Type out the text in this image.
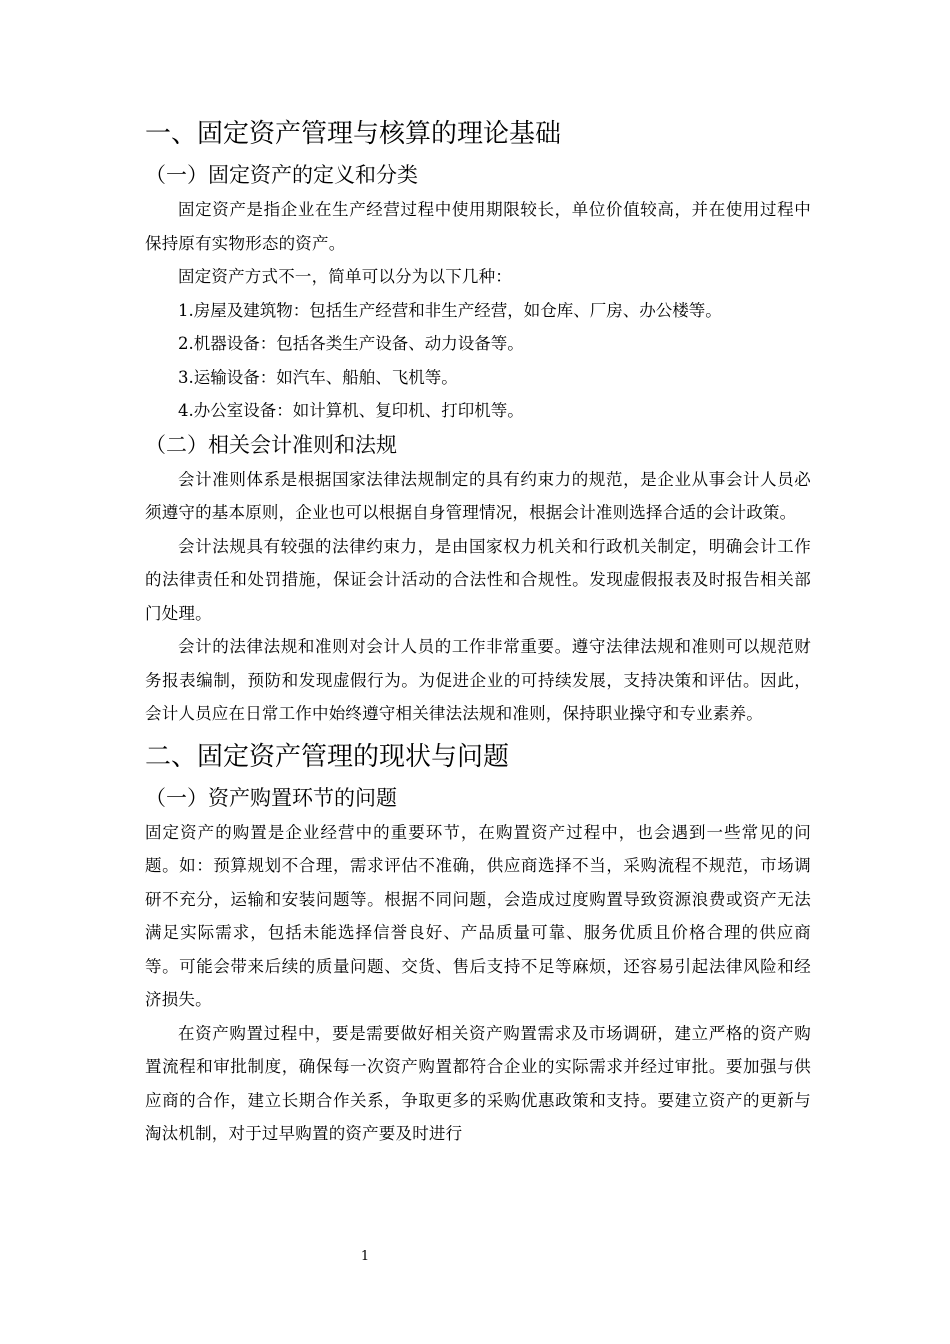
一、固定资产管理与核算的理论基础
（一）固定资产的定义和分类

固定资产是指企业在生产经营过程中使用期限较长，单位价值较高，并在使用过程中保持原有实物形态的资产。

固定资产方式不一，简单可以分为以下几种：

1.房屋及建筑物：包括生产经营和非生产经营，如仓库、厂房、办公楼等。

2.机器设备：包括各类生产设备、动力设备等。

3.运输设备：如汽车、船舶、飞机等。

4.办公室设备：如计算机、复印机、打印机等。

（二）相关会计准则和法规

会计准则体系是根据国家法律法规制定的具有约束力的规范，是企业从事会计人员必须遵守的基本原则，企业也可以根据自身管理情况，根据会计准则选择合适的会计政策。

会计法规具有较强的法律约束力，是由国家权力机关和行政机关制定，明确会计工作的法律责任和处罚措施，保证会计活动的合法性和合规性。发现虚假报表及时报告相关部门处理。

会计的法律法规和准则对会计人员的工作非常重要。遵守法律法规和准则可以规范财务报表编制，预防和发现虚假行为。为促进企业的可持续发展，支持决策和评估。因此，会计人员应在日常工作中始终遵守相关律法法规和准则，保持职业操守和专业素养。

二、固定资产管理的现状与问题
（一）资产购置环节的问题

固定资产的购置是企业经营中的重要环节，在购置资产过程中，也会遇到一些常见的问题。如：预算规划不合理，需求评估不准确，供应商选择不当，采购流程不规范，市场调研不充分，运输和安装问题等。根据不同问题，会造成过度购置导致资源浪费或资产无法满足实际需求，包括未能选择信誉良好、产品质量可靠、服务优质且价格合理的供应商等。可能会带来后续的质量问题、交货、售后支持不足等麻烦，还容易引起法律风险和经济损失。

在资产购置过程中，要是需要做好相关资产购置需求及市场调研，建立严格的资产购置流程和审批制度，确保每一次资产购置都符合企业的实际需求并经过审批。要加强与供应商的合作，建立长期合作关系，争取更多的采购优惠政策和支持。要建立资产的更新与淘汰机制，对于过早购置的资产要及时进行

1
